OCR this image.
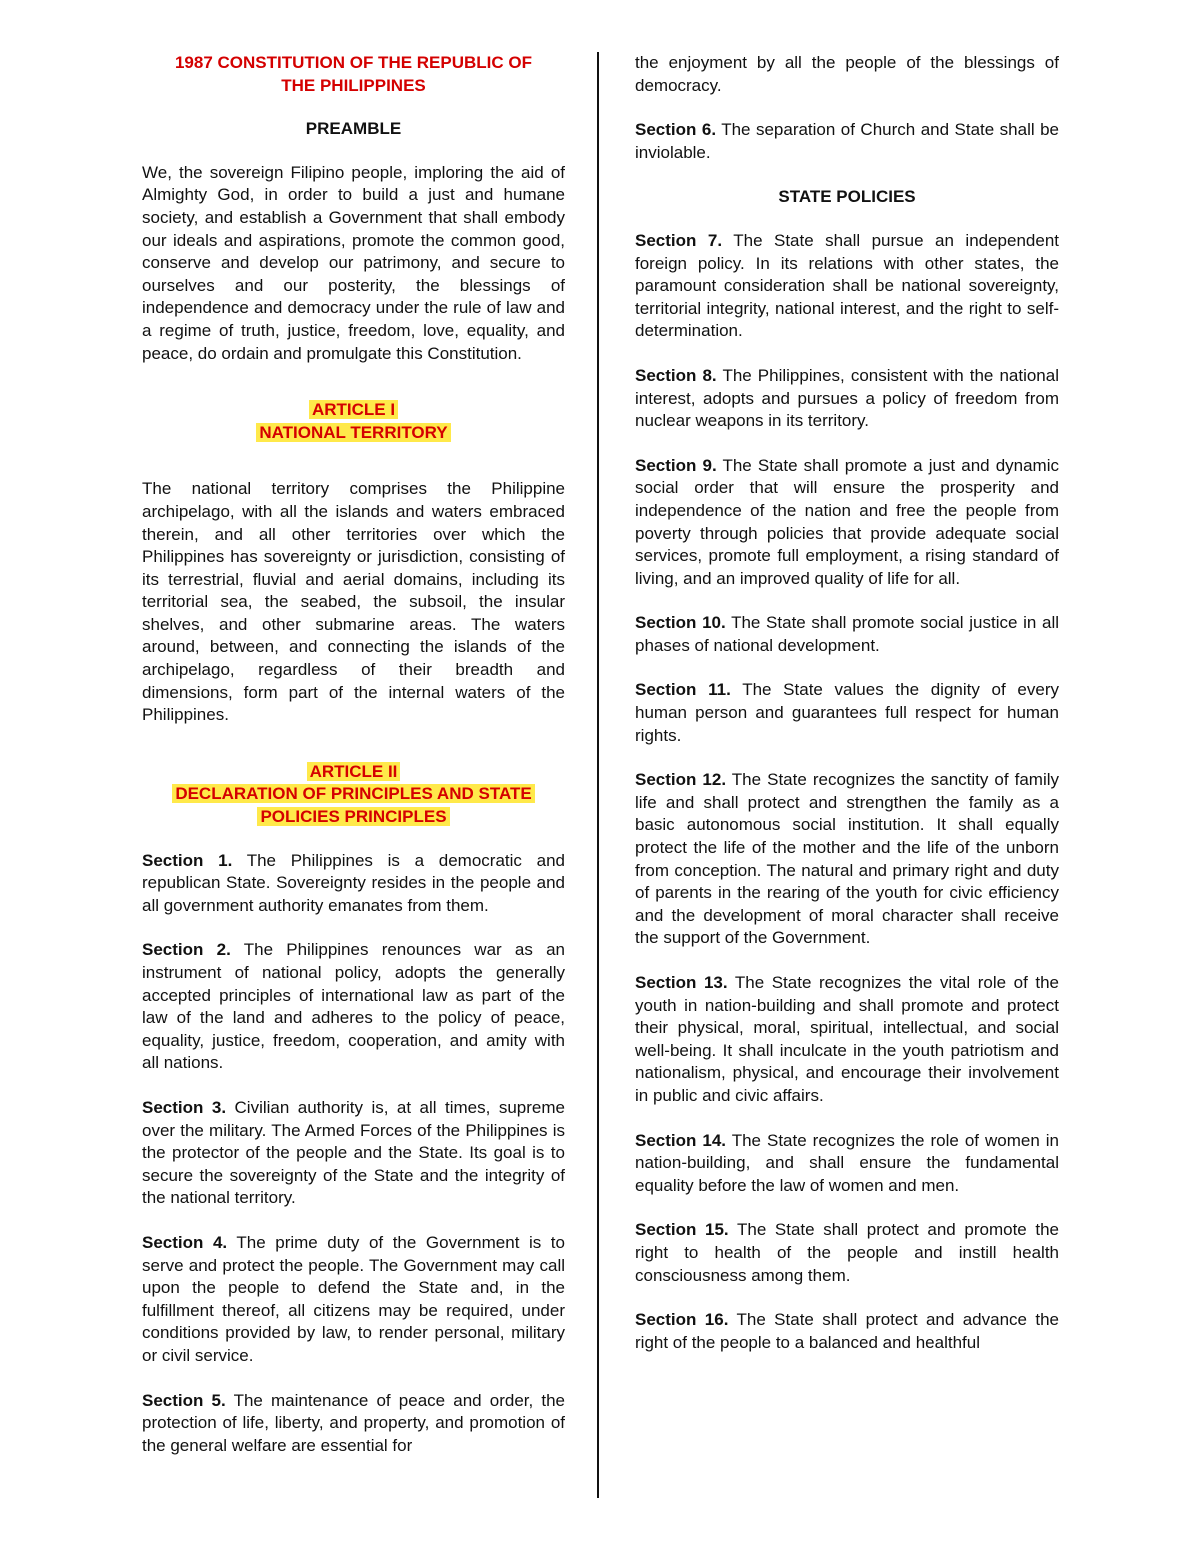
1987 CONSTITUTION OF THE REPUBLIC OF
THE PHILIPPINES
PREAMBLE

We, the sovereign Filipino people, imploring the aid of Almighty God, in order to build a just and humane society, and establish a Government that shall embody our ideals and aspirations, promote the common good, conserve and develop our patrimony, and secure to ourselves and our posterity, the blessings of independence and democracy under the rule of law and a regime of truth, justice, freedom, love, equality, and peace, do ordain and promulgate this Constitution.

ARTICLE I
NATIONAL TERRITORY

The national territory comprises the Philippine archipelago, with all the islands and waters embraced therein, and all other territories over which the Philippines has sovereignty or jurisdiction, consisting of its terrestrial, fluvial and aerial domains, including its territorial sea, the seabed, the subsoil, the insular shelves, and other submarine areas. The waters around, between, and connecting the islands of the archipelago, regardless of their breadth and dimensions, form part of the internal waters of the Philippines.

ARTICLE II
DECLARATION OF PRINCIPLES AND STATE
POLICIES PRINCIPLES

Section 1. The Philippines is a democratic and republican State. Sovereignty resides in the people and all government authority emanates from them.

Section 2. The Philippines renounces war as an instrument of national policy, adopts the generally accepted principles of international law as part of the law of the land and adheres to the policy of peace, equality, justice, freedom, cooperation, and amity with all nations.

Section 3. Civilian authority is, at all times, supreme over the military. The Armed Forces of the Philippines is the protector of the people and the State. Its goal is to secure the sovereignty of the State and the integrity of the national territory.

Section 4. The prime duty of the Government is to serve and protect the people. The Government may call upon the people to defend the State and, in the fulfillment thereof, all citizens may be required, under conditions provided by law, to render personal, military or civil service.

Section 5. The maintenance of peace and order, the protection of life, liberty, and property, and promotion of the general welfare are essential for

the enjoyment by all the people of the blessings of democracy.

Section 6. The separation of Church and State shall be inviolable.

STATE POLICIES

Section 7. The State shall pursue an independent foreign policy. In its relations with other states, the paramount consideration shall be national sovereignty, territorial integrity, national interest, and the right to self-determination.

Section 8. The Philippines, consistent with the national interest, adopts and pursues a policy of freedom from nuclear weapons in its territory.

Section 9. The State shall promote a just and dynamic social order that will ensure the prosperity and independence of the nation and free the people from poverty through policies that provide adequate social services, promote full employment, a rising standard of living, and an improved quality of life for all.

Section 10. The State shall promote social justice in all phases of national development.

Section 11. The State values the dignity of every human person and guarantees full respect for human rights.

Section 12. The State recognizes the sanctity of family life and shall protect and strengthen the family as a basic autonomous social institution. It shall equally protect the life of the mother and the life of the unborn from conception. The natural and primary right and duty of parents in the rearing of the youth for civic efficiency and the development of moral character shall receive the support of the Government.

Section 13. The State recognizes the vital role of the youth in nation-building and shall promote and protect their physical, moral, spiritual, intellectual, and social well-being. It shall inculcate in the youth patriotism and nationalism, physical, and encourage their involvement in public and civic affairs.

Section 14. The State recognizes the role of women in nation-building, and shall ensure the fundamental equality before the law of women and men.

Section 15. The State shall protect and promote the right to health of the people and instill health consciousness among them.

Section 16. The State shall protect and advance the right of the people to a balanced and healthful
